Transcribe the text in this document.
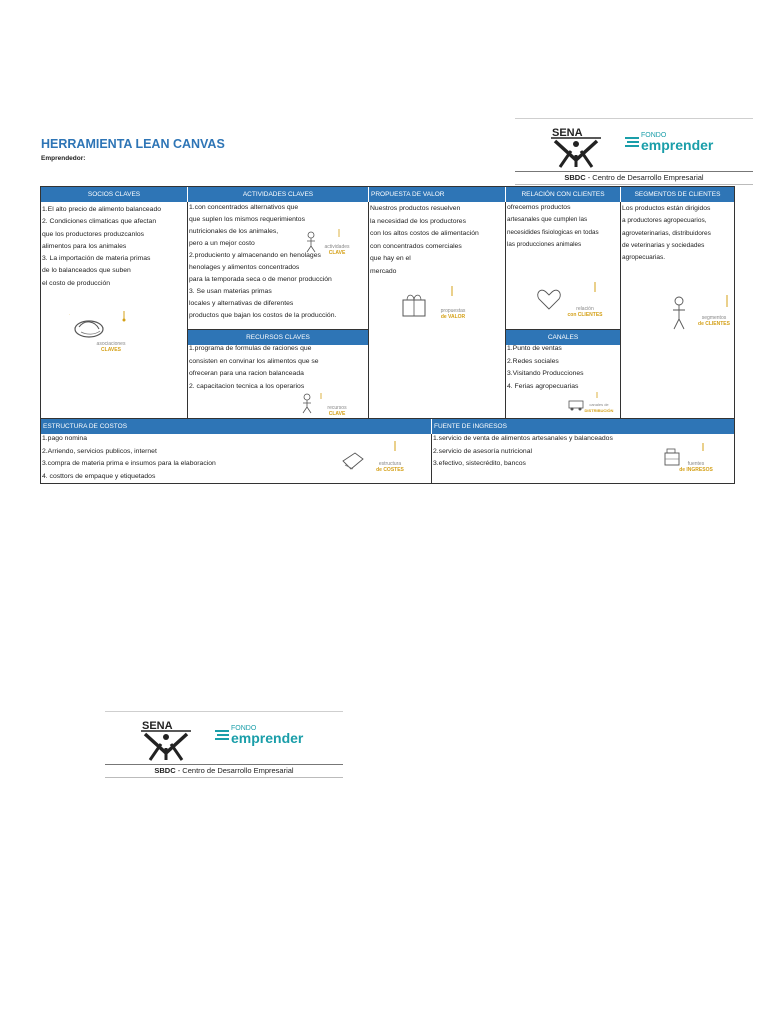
HERRAMIENTA LEAN CANVAS
Emprendedor:
SENA	FONDO
emprender
SBDC - Centro de Desarrollo Empresarial
SENA	FONDO
emprender
SBDC - Centro de Desarrollo Empresarial
SOCIOS CLAVES	ACTIVIDADES CLAVES	PROPUESTA DE VALOR	RELACIÓN CON CLIENTES	SEGMENTOS DE CLIENTES
1.El alto precio de alimento balanceado
2. Condiciones climaticas que afectan
que los productores produzcanlos
alimentos para los animales
3. La importación de materia primas
de lo balanceados que suben
el costo de producción
·
asociaciones
CLAVES
1.con concentrados alternativos que
que suplen los mismos requerimientos
nutricionales de los animales,
pero a un mejor costo
2.produciento y almacenando en henolages
henolages y alimentos concentrados
para la temporada seca o de menor producción
3. Se usan materias primas
locales y alternativas de diferentes
productos que bajan los costos de la producción.
actividades
CLAVE
RECURSOS CLAVES
1.programa de formulas de raciones que
consisten en convinar los alimentos que se
ofreceran para una racion balanceada
2. capacitacion tecnica a los operarios
recursos
CLAVE
Nuestros productos resuelven
la necesidad de los productores
con los altos costos de alimentación
con concentrados comerciales
que hay en el
mercado
propuestas
de VALOR
ofrecemos productos
artesanales que cumplen las
necesidides fisiologicas en todas
las producciones animales
relación
con CLIENTES
CANALES
1.Punto de ventas
2.Redes sociales
3.Visitando Producciones
4. Ferias agropecuarias
canales de
DISTRIBUCIÓN
Los productos están dirigidos
a productores agropecuarios,
agroveterinarias, distribuidores
de veterinarias y sociedades
agropecuarias.
segmentos
de CLIENTES
ESTRUCTURA DE COSTOS	FUENTE DE INGRESOS
1.pago nomina
2.Arriendo, servicios publicos, internet
3.compra de materia prima e insumos para la elaboracion
4. costtors de empaque y etiquetados
estructura
de COSTES
1.servicio de venta de alimentos artesanales y balanceados
2.servicio de asesoría nutricional
3.efectivo, sistecrédito, bancos	fuentes
de INGRESOS
